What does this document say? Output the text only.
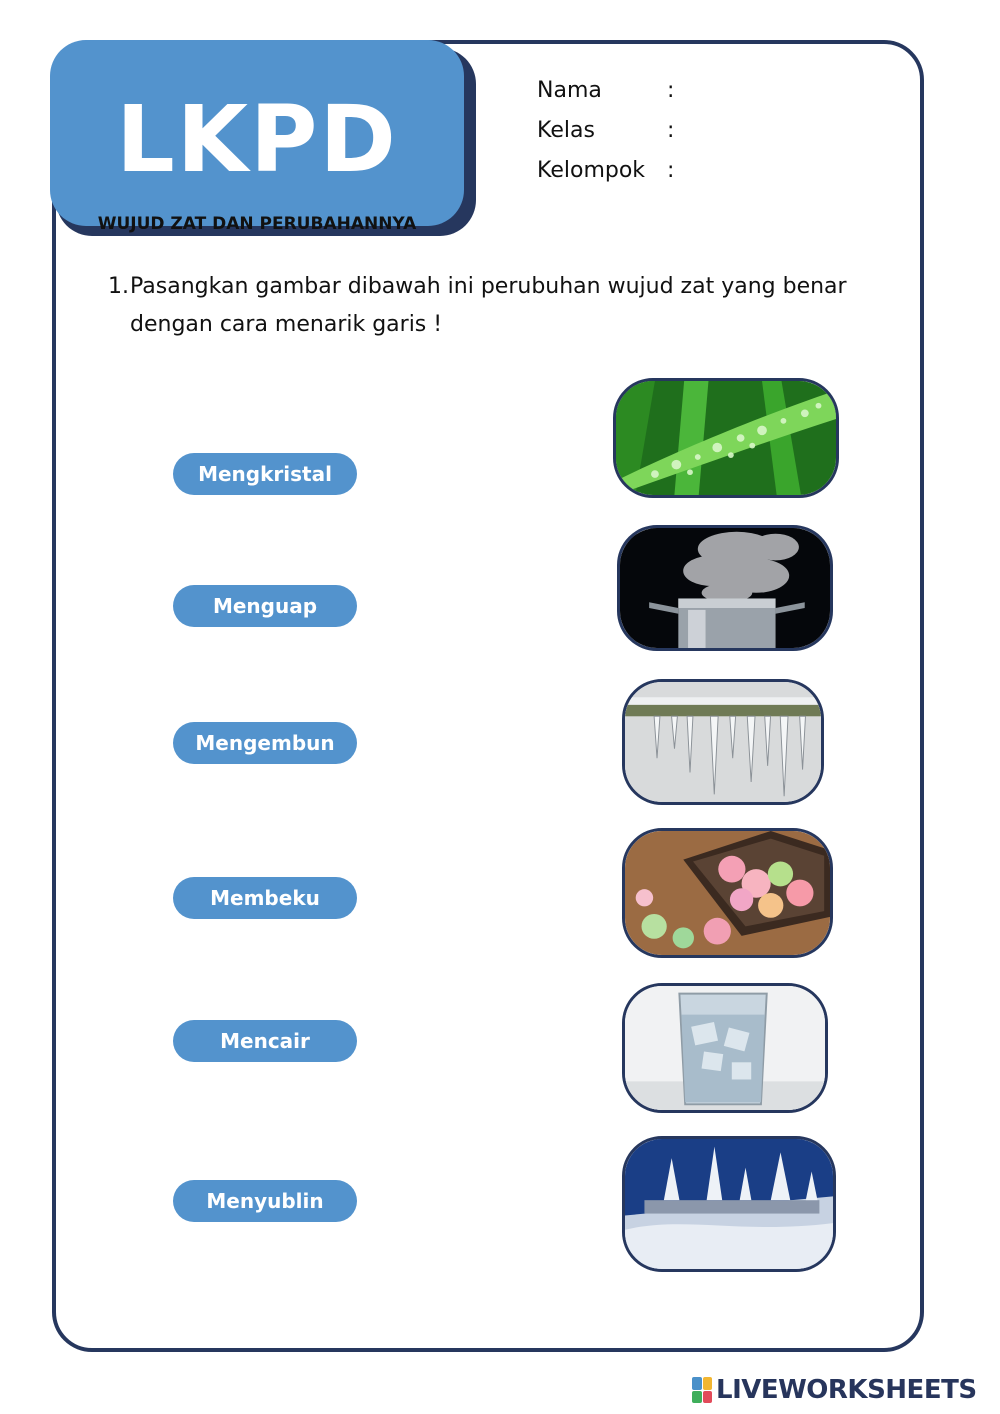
LKPD
WUJUD ZAT DAN PERUBAHANNYA
Nama	:
Kelas	:
Kelompok :
1. Pasangkan gambar dibawah ini perubuhan wujud zat yang benar dengan cara menarik garis !
Mengkristal
Menguap
Mengembun
Membeku
Mencair
Menyublin
LIVEWORKSHEETS
